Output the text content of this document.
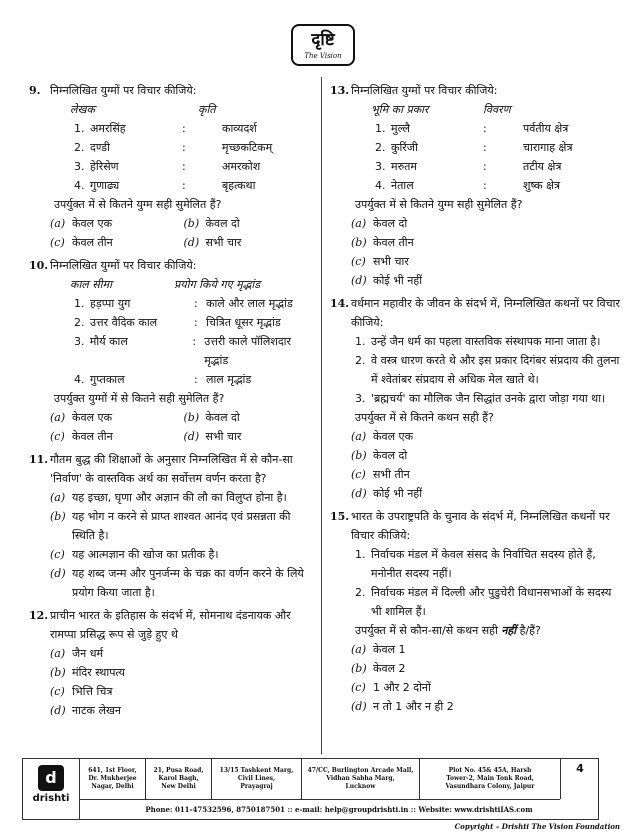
दृष्टि
The Vision
9. निम्नलिखित युग्मों पर विचार कीजिये:
लेखक	कृति
1. अमरसिंह	:	काव्यदर्श
2. दण्डी	:	मृच्छकटिकम्
3. हेरिसेण	:	अमरकोश
4. गुणाढ्य	:	बृहत्कथा
उपर्युक्त में से कितने युग्म सही सुमेलित हैं?
(a) केवल एक	(b) केवल दो
(c) केवल तीन	(d) सभी चार
10. निम्नलिखित युग्मों पर विचार कीजिये:
काल सीमा	प्रयोग किये गए मृद्भांड
1. हड़प्पा युग	: काले और लाल मृद्भांड
2. उत्तर वैदिक काल	: चित्रित धूसर मृद्भांड
3. मौर्य काल	: उत्तरी काले पॉलिशदार मृद्भांड
4. गुप्तकाल	: लाल मृद्भांड
उपर्युक्त युग्मों में से कितने सही सुमेलित हैं?
(a) केवल एक	(b) केवल दो
(c) केवल तीन	(d) सभी चार
11. गौतम बुद्ध की शिक्षाओं के अनुसार निम्नलिखित में से कौन-सा 'निर्वाण' के वास्तविक अर्थ का सर्वोत्तम वर्णन करता है?
(a) यह इच्छा, घृणा और अज्ञान की लौ का विलुप्त होना है।
(b) यह भोग न करने से प्राप्त शाश्वत आनंद एवं प्रसन्नता की स्थिति है।
(c) यह आत्मज्ञान की खोज का प्रतीक है।
(d) यह शब्द जन्म और पुनर्जन्म के चक्र का वर्णन करने के लिये प्रयोग किया जाता है।
12. प्राचीन भारत के इतिहास के संदर्भ में, सोमनाथ दंडनायक और रामप्पा प्रसिद्ध रूप से जुड़े हुए थे
(a) जैन धर्म
(b) मंदिर स्थापत्य
(c) भित्ति चित्र
(d) नाटक लेखन
13. निम्नलिखित युग्मों पर विचार कीजिये:
भूमि का प्रकार	विवरण
1. मुल्लै	:	पर्वतीय क्षेत्र
2. कुरिंजी	:	चारागाह क्षेत्र
3. मरुतम	:	तटीय क्षेत्र
4. नेताल	:	शुष्क क्षेत्र
उपर्युक्त में से कितने युग्म सही सुमेलित हैं?
(a) केवल दो
(b) केवल तीन
(c) सभी चार
(d) कोई भी नहीं
14. वर्धमान महावीर के जीवन के संदर्भ में, निम्नलिखित कथनों पर विचार कीजिये:
1. उन्हें जैन धर्म का पहला वास्तविक संस्थापक माना जाता है।
2. वे वस्त्र धारण करते थे और इस प्रकार दिगंबर संप्रदाय की तुलना में श्वेतांबर संप्रदाय से अधिक मेल खाते थे।
3. 'ब्रह्मचर्य' का मौलिक जैन सिद्धांत उनके द्वारा जोड़ा गया था।
उपर्युक्त में से कितने कथन सही हैं?
(a) केवल एक
(b) केवल दो
(c) सभी तीन
(d) कोई भी नहीं
15. भारत के उपराष्ट्रपति के चुनाव के संदर्भ में, निम्नलिखित कथनों पर विचार कीजिये:
1. निर्वाचक मंडल में केवल संसद के निर्वाचित सदस्य होते हैं, मनोनीत सदस्य नहीं।
2. निर्वाचक मंडल में दिल्ली और पुडुचेरी विधानसभाओं के सदस्य भी शामिल हैं।
उपर्युक्त में से कौन-सा/से कथन सही नहीं है/हैं?
(a) केवल 1
(b) केवल 2
(c) 1 और 2 दोनों
(d) न तो 1 और न ही 2
d
drishti
641, 1st Floor,
Dr. Mukherjee
Nagar, Delhi
21, Pusa Road,
Karol Bagh,
New Delhi
13/15 Tashkent Marg,
Civil Lines,
Prayagraj
47/CC, Burlington Arcade Mall,
Vidhan Sabha Marg,
Lucknow
Plot No. 45& 45A, Harsh
Tower-2, Main Tonk Road,
Vasundhara Colony, Jaipur
4
Phone: 011-47532596, 8750187501 :: e-mail: help@groupdrishti.in :: Website: www.drishtiIAS.com
Copyright – Drishti The Vision Foundation
